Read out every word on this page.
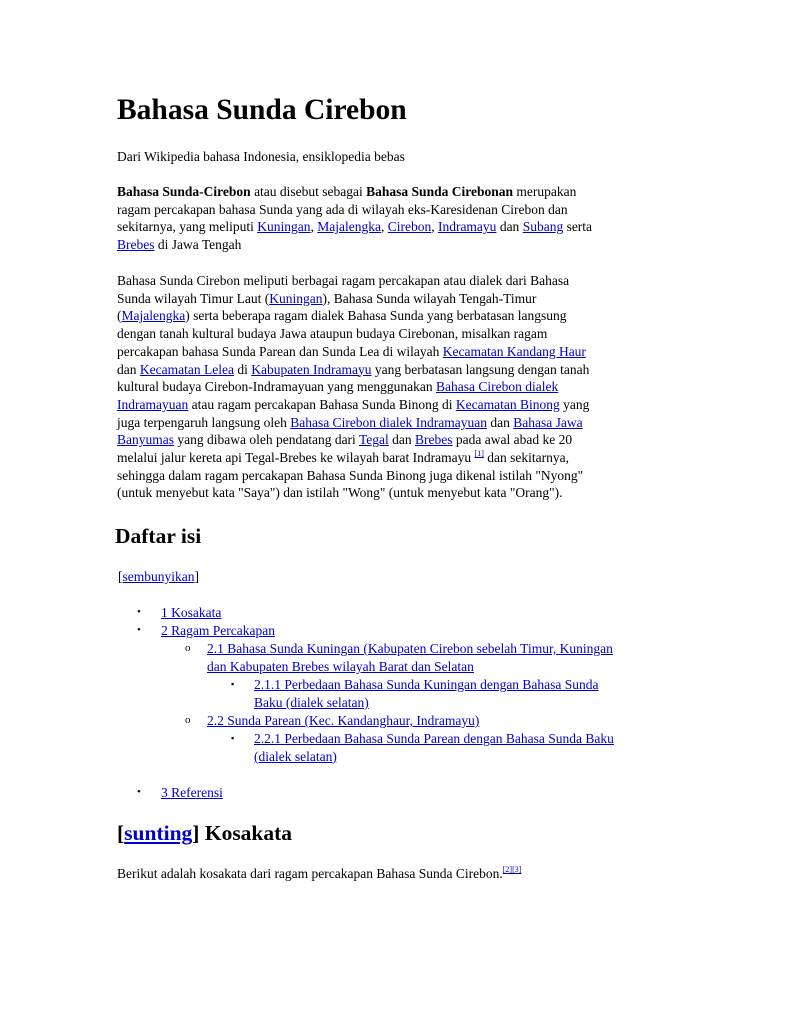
Bahasa Sunda Cirebon

Dari Wikipedia bahasa Indonesia, ensiklopedia bebas

Bahasa Sunda-Cirebon atau disebut sebagai Bahasa Sunda Cirebonan merupakan
ragam percakapan bahasa Sunda yang ada di wilayah eks-Karesidenan Cirebon dan
sekitarnya, yang meliputi Kuningan, Majalengka, Cirebon, Indramayu dan Subang serta
Brebes di Jawa Tengah
Bahasa Sunda Cirebon meliputi berbagai ragam percakapan atau dialek dari Bahasa
Sunda wilayah Timur Laut (Kuningan), Bahasa Sunda wilayah Tengah-Timur
(Majalengka) serta beberapa ragam dialek Bahasa Sunda yang berbatasan langsung
dengan tanah kultural budaya Jawa ataupun budaya Cirebonan, misalkan ragam
percakapan bahasa Sunda Parean dan Sunda Lea di wilayah Kecamatan Kandang Haur
dan Kecamatan Lelea di Kabupaten Indramayu yang berbatasan langsung dengan tanah
kultural budaya Cirebon-Indramayuan yang menggunakan Bahasa Cirebon dialek
Indramayuan atau ragam percakapan Bahasa Sunda Binong di Kecamatan Binong yang
juga terpengaruh langsung oleh Bahasa Cirebon dialek Indramayuan dan Bahasa Jawa
Banyumas yang dibawa oleh pendatang dari Tegal dan Brebes pada awal abad ke 20
melalui jalur kereta api Tegal-Brebes ke wilayah barat Indramayu [1] dan sekitarnya,
sehingga dalam ragam percakapan Bahasa Sunda Binong juga dikenal istilah "Nyong"
(untuk menyebut kata "Saya") dan istilah "Wong" (untuk menyebut kata "Orang").
Daftar isi
[sembunyikan]
• 1 Kosakata
• 2 Ragam Percakapan
o 2.1 Bahasa Sunda Kuningan (Kabupaten Cirebon sebelah Timur, Kuningan
dan Kabupaten Brebes wilayah Barat dan Selatan
▪ 2.1.1 Perbedaan Bahasa Sunda Kuningan dengan Bahasa Sunda
Baku (dialek selatan)
o 2.2 Sunda Parean (Kec. Kandanghaur, Indramayu)
▪ 2.2.1 Perbedaan Bahasa Sunda Parean dengan Bahasa Sunda Baku
(dialek selatan)
• 3 Referensi
[sunting] Kosakata

Berikut adalah kosakata dari ragam percakapan Bahasa Sunda Cirebon.[2][3]
